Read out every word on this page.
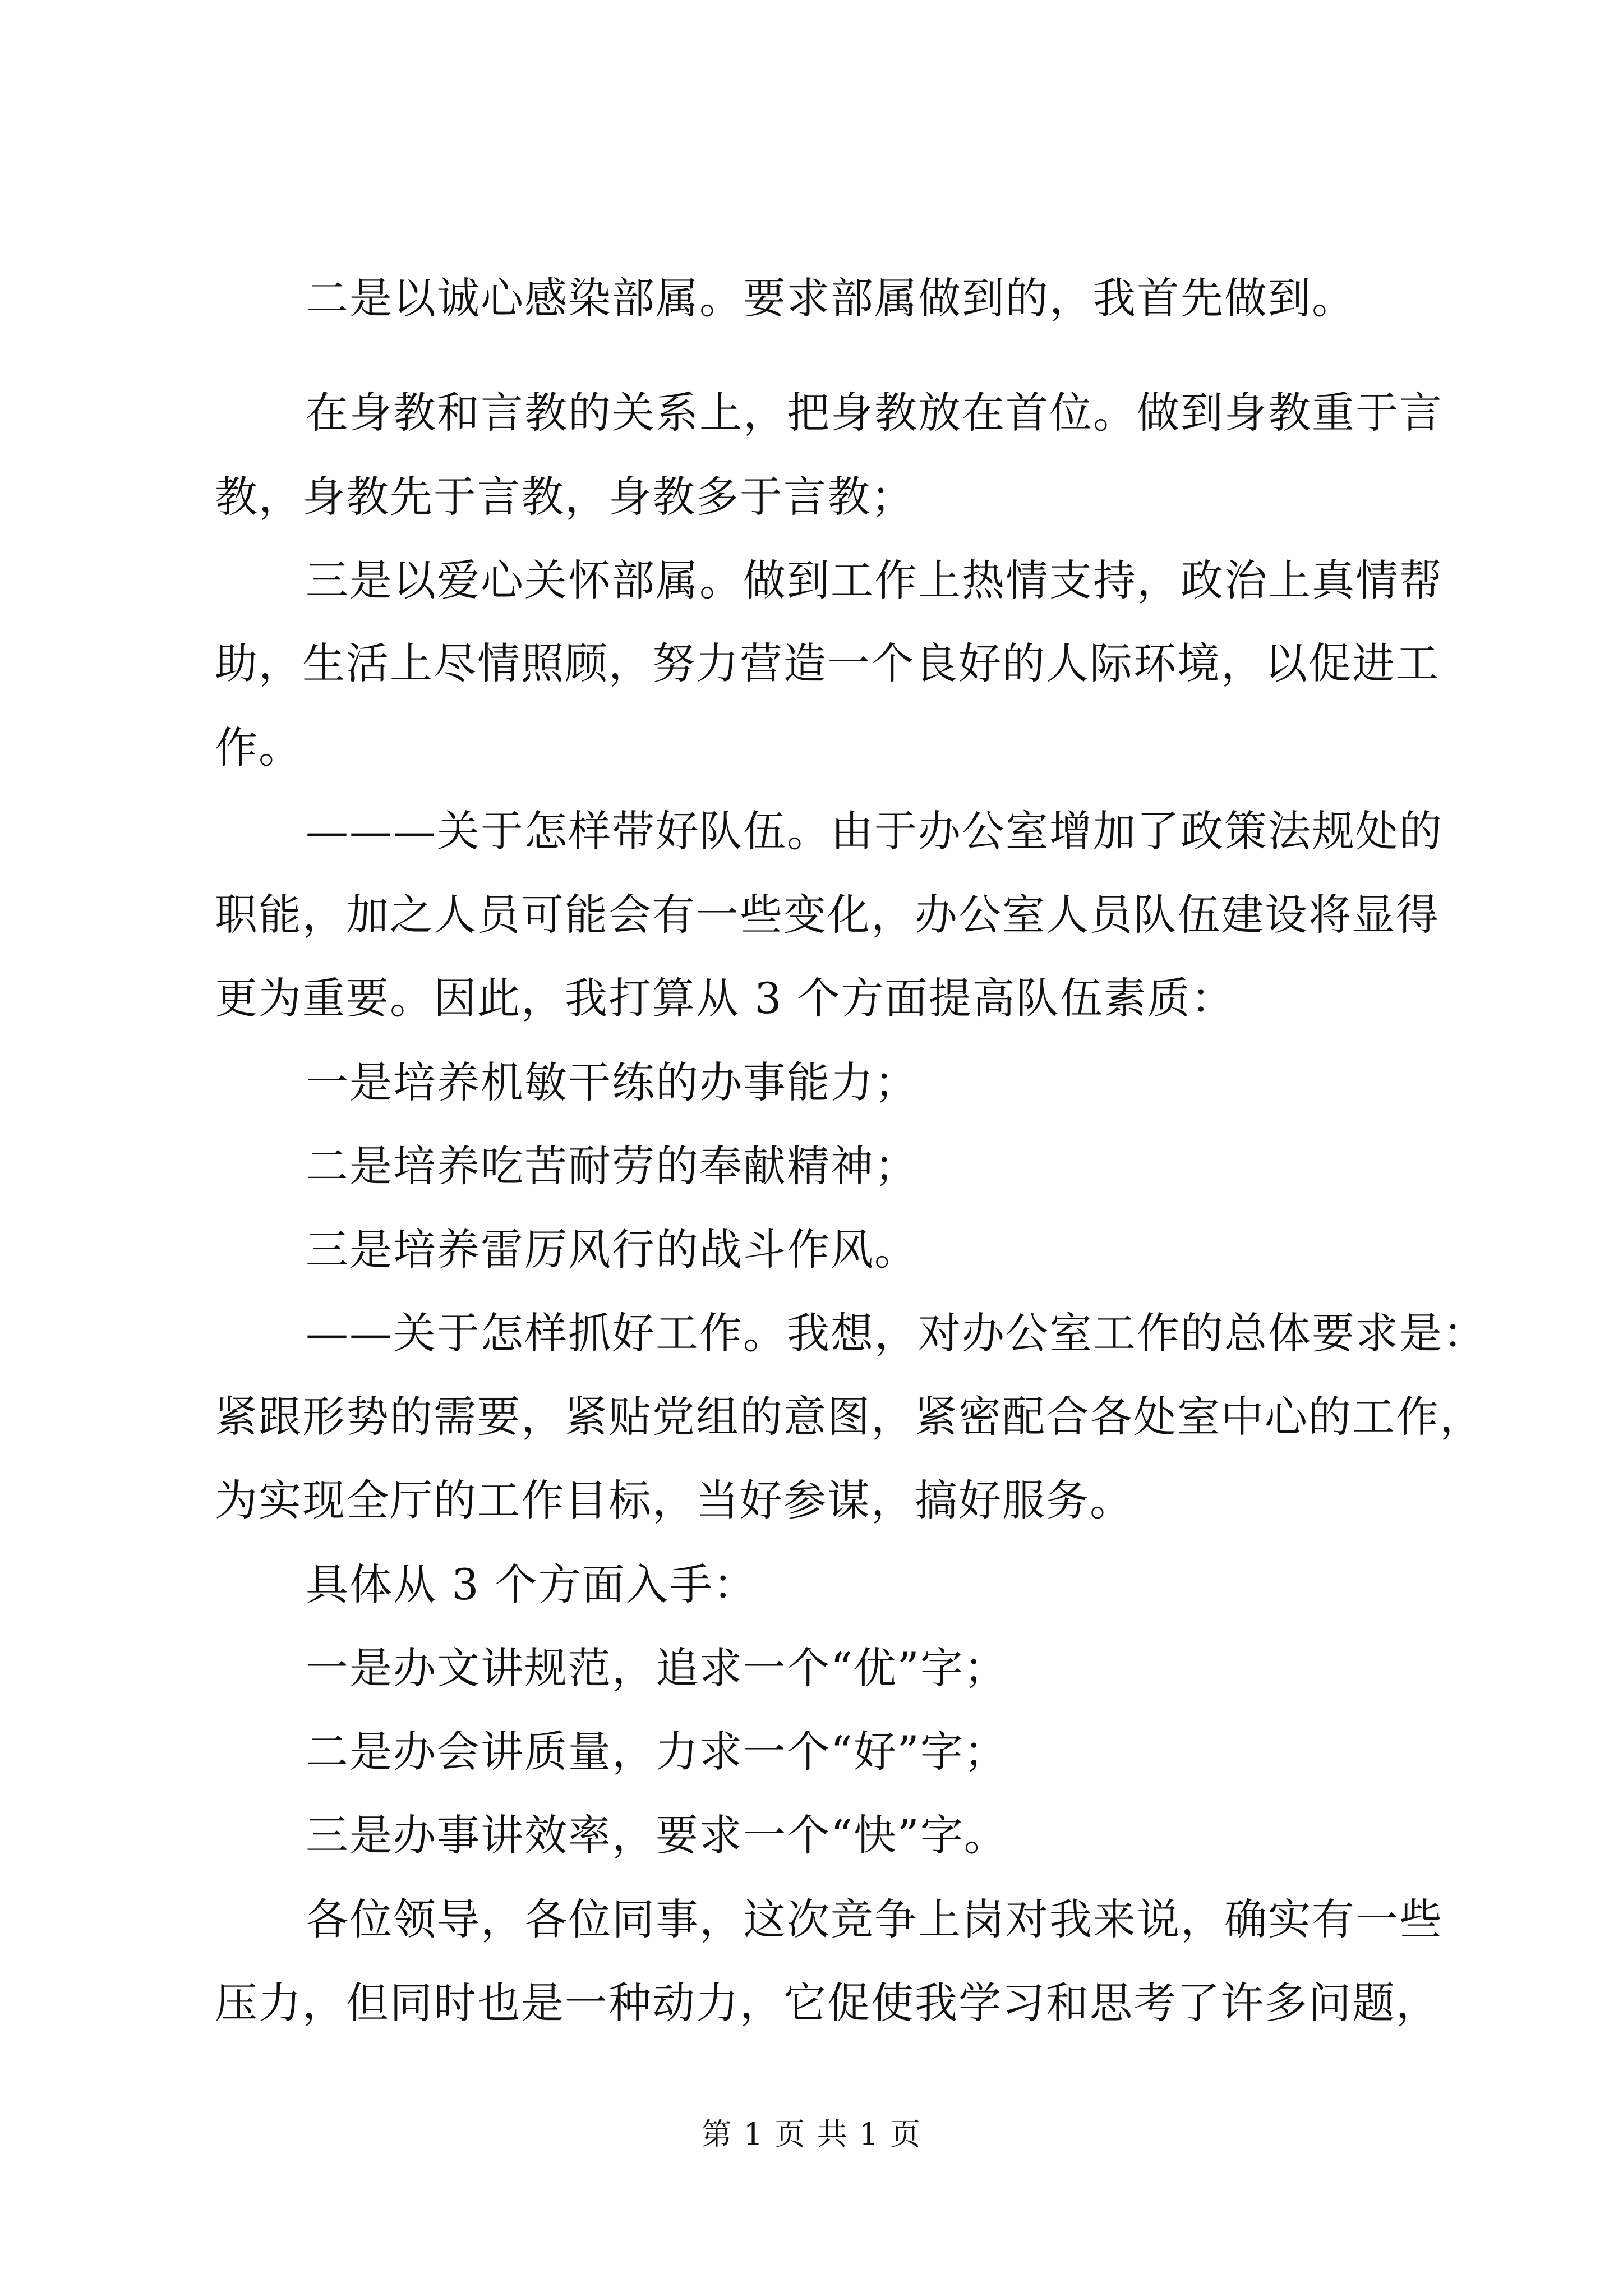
二是以诚心感染部属。要求部属做到的，我首先做到。
在身教和言教的关系上，把身教放在首位。做到身教重于言
教，身教先于言教，身教多于言教；
三是以爱心关怀部属。做到工作上热情支持，政治上真情帮
助，生活上尽情照顾，努力营造一个良好的人际环境，以促进工
作。
———关于怎样带好队伍。由于办公室增加了政策法规处的
职能，加之人员可能会有一些变化，办公室人员队伍建设将显得
更为重要。因此，我打算从 3 个方面提高队伍素质：
一是培养机敏干练的办事能力；
二是培养吃苦耐劳的奉献精神；
三是培养雷厉风行的战斗作风。
——关于怎样抓好工作。我想，对办公室工作的总体要求是：
紧跟形势的需要，紧贴党组的意图，紧密配合各处室中心的工作，
为实现全厅的工作目标，当好参谋，搞好服务。
具体从 3 个方面入手：
一是办文讲规范，追求一个“优”字；
二是办会讲质量，力求一个“好”字；
三是办事讲效率，要求一个“快”字。
各位领导，各位同事，这次竞争上岗对我来说，确实有一些
压力，但同时也是一种动力，它促使我学习和思考了许多问题，
第 1 页 共 1 页
